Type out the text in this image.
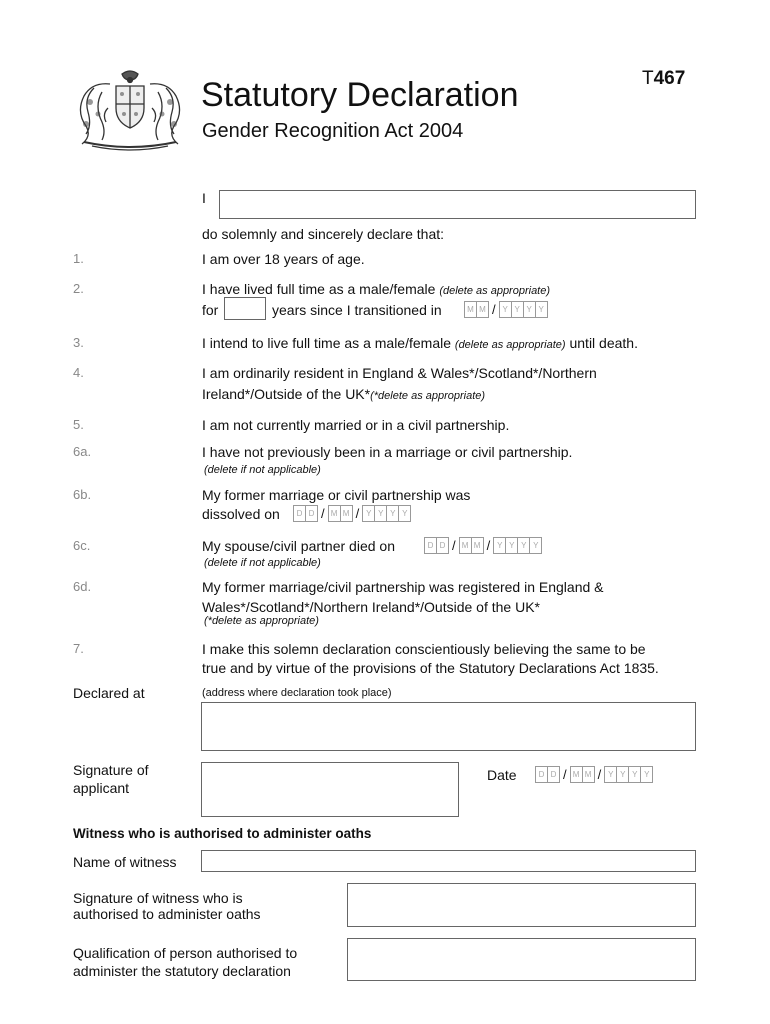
Statutory Declaration
Gender Recognition Act 2004
T467
I
do solemnly and sincerely declare that:
1.	I am over 18 years of age.
2.	I have lived full time as a male/female (delete as appropriate)
for	years since I transitioned in	M M / Y Y Y Y
3.	I intend to live full time as a male/female (delete as appropriate) until death.
4.	I am ordinarily resident in England & Wales*/Scotland*/Northern
Ireland*/Outside of the UK*(*delete as appropriate)
5.	I am not currently married or in a civil partnership.
6a.	I have not previously been in a marriage or civil partnership.
(delete if not applicable)
6b.	My former marriage or civil partnership was
dissolved on	D D / M M / Y Y Y Y
6c.	My spouse/civil partner died on	D D / M M / Y Y Y Y
(delete if not applicable)
6d.	My former marriage/civil partnership was registered in England &
Wales*/Scotland*/Northern Ireland*/Outside of the UK*
(*delete as appropriate)
7.	I make this solemn declaration conscientiously believing the same to be
true and by virtue of the provisions of the Statutory Declarations Act 1835.
Declared at	(address where declaration took place)
Signature of
applicant
Date	D D / M M / Y Y Y Y
Witness who is authorised to administer oaths
Name of witness
Signature of witness who is
authorised to administer oaths
Qualification of person authorised to
administer the statutory declaration
